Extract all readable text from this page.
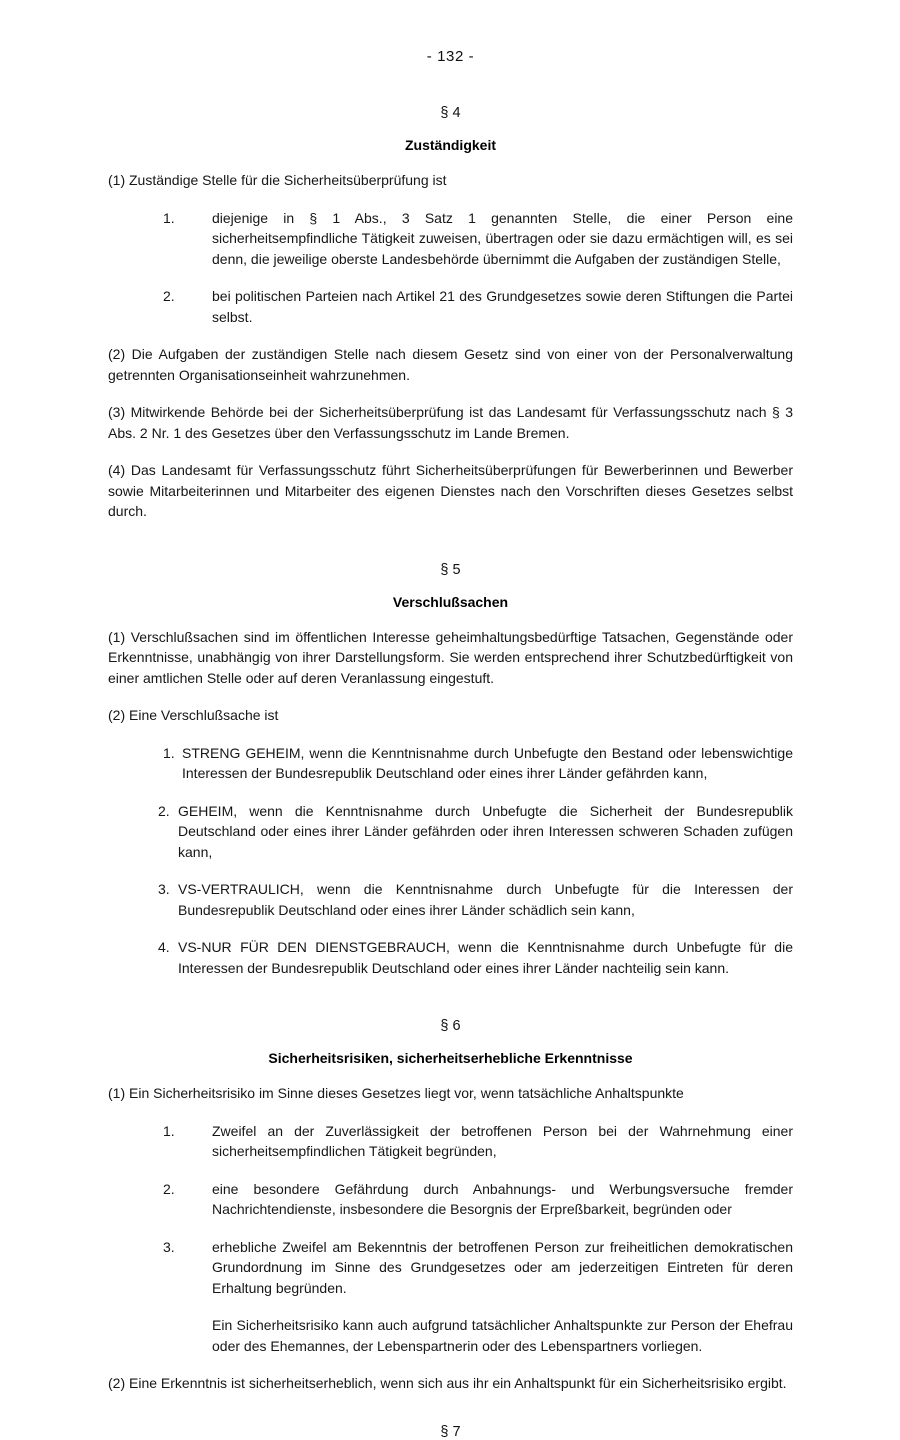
- 132 -
§ 4
Zuständigkeit

(1) Zuständige Stelle für die Sicherheitsüberprüfung ist

1.	diejenige in § 1 Abs., 3 Satz 1 genannten Stelle, die einer Person eine sicherheitsempfindliche Tätigkeit zuweisen, übertragen oder sie dazu ermächtigen will, es sei denn, die jeweilige oberste Landesbehörde übernimmt die Aufgaben der zuständigen Stelle,
2.	bei politischen Parteien nach Artikel 21 des Grundgesetzes sowie deren Stiftungen die Partei selbst.

(2) Die Aufgaben der zuständigen Stelle nach diesem Gesetz sind von einer von der Personalverwaltung getrennten Organisationseinheit wahrzunehmen.

(3) Mitwirkende Behörde bei der Sicherheitsüberprüfung ist das Landesamt für Verfassungsschutz nach § 3 Abs. 2 Nr. 1 des Gesetzes über den Verfassungsschutz im Lande Bremen.

(4) Das Landesamt für Verfassungsschutz führt Sicherheitsüberprüfungen für Bewerberinnen und Bewerber sowie Mitarbeiterinnen und Mitarbeiter des eigenen Dienstes nach den Vorschriften dieses Gesetzes selbst durch.

§ 5
Verschlußsachen

(1) Verschlußsachen sind im öffentlichen Interesse geheimhaltungsbedürftige Tatsachen, Gegenstände oder Erkenntnisse, unabhängig von ihrer Darstellungsform. Sie werden entsprechend ihrer Schutzbedürftigkeit von einer amtlichen Stelle oder auf deren Veranlassung eingestuft.

(2) Eine Verschlußsache ist

1. STRENG GEHEIM, wenn die Kenntnisnahme durch Unbefugte den Bestand oder lebenswichtige Interessen der Bundesrepublik Deutschland oder eines ihrer Länder gefährden kann,
2. GEHEIM, wenn die Kenntnisnahme durch Unbefugte die Sicherheit der Bundesrepublik Deutschland oder eines ihrer Länder gefährden oder ihren Interessen schweren Schaden zufügen kann,
3. VS-VERTRAULICH, wenn die Kenntnisnahme durch Unbefugte für die Interessen der Bundesrepublik Deutschland oder eines ihrer Länder schädlich sein kann,
4. VS-NUR FÜR DEN DIENSTGEBRAUCH, wenn die Kenntnisnahme durch Unbefugte für die Interessen der Bundesrepublik Deutschland oder eines ihrer Länder nachteilig sein kann.
§ 6
Sicherheitsrisiken, sicherheitserhebliche Erkenntnisse

(1) Ein Sicherheitsrisiko im Sinne dieses Gesetzes liegt vor, wenn tatsächliche Anhaltspunkte

1.	Zweifel an der Zuverlässigkeit der betroffenen Person bei der Wahrnehmung einer sicherheitsempfindlichen Tätigkeit begründen,
2.	eine besondere Gefährdung durch Anbahnungs- und Werbungsversuche fremder Nachrichtendienste, insbesondere die Besorgnis der Erpreßbarkeit, begründen oder
3.	erhebliche Zweifel am Bekenntnis der betroffenen Person zur freiheitlichen demokratischen Grundordnung im Sinne des Grundgesetzes oder am jederzeitigen Eintreten für deren Erhaltung begründen.

Ein Sicherheitsrisiko kann auch aufgrund tatsächlicher Anhaltspunkte zur Person der Ehefrau oder des Ehemannes, der Lebenspartnerin oder des Lebenspartners vorliegen.

(2) Eine Erkenntnis ist sicherheitserheblich, wenn sich aus ihr ein Anhaltspunkt für ein Sicherheitsrisiko ergibt.

§ 7
